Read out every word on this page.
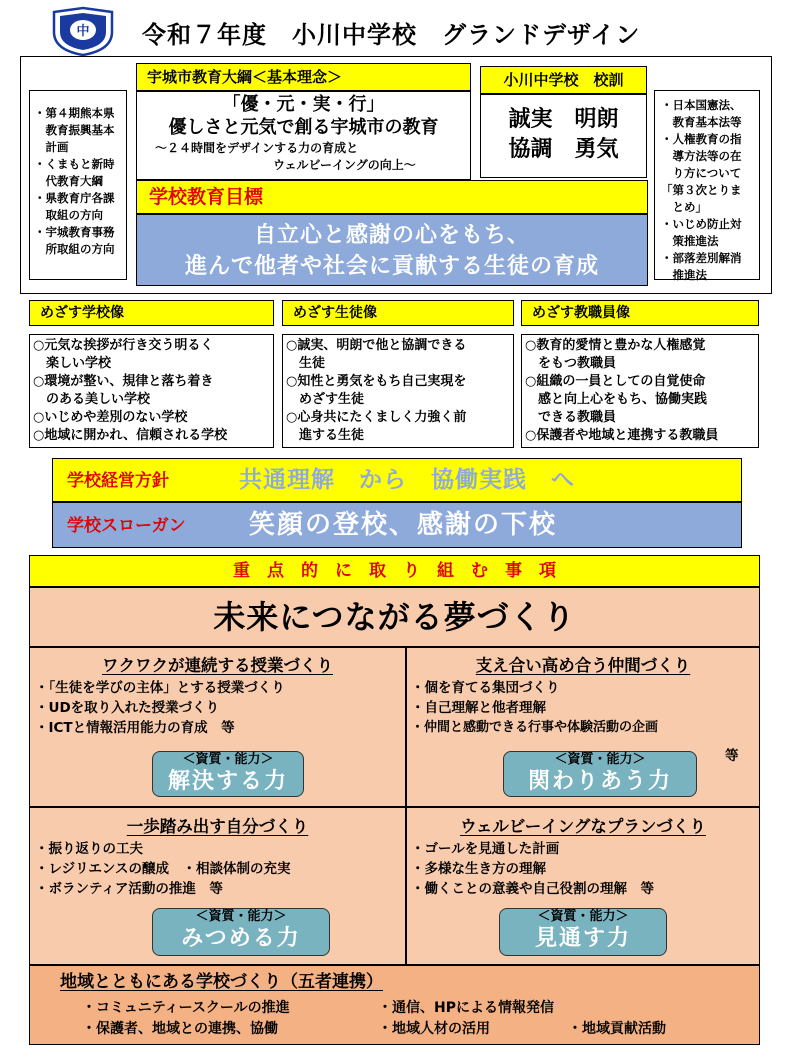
中 令和７年度　小川中学校　グランドデザイン
・第４期熊本県
　教育振興基本
　計画
・くまもと新時
　代教育大綱
・県教育庁各課
　取組の方向
・宇城教育事務
　所取組の方向
・日本国憲法、
　教育基本法等
・人権教育の指
　導方法等の在
　り方について
「第３次とりま
　とめ」
・いじめ防止対
　策推進法
・部落差別解消
　推進法
宇城市教育大綱＜基本理念＞
「優・元・実・行」
優しさと元気で創る宇城市の教育
～２４時間をデザインする力の育成と
ウェルビーイングの向上～
小川中学校　校訓
誠実　明朗
協調　勇気
学校教育目標
自立心と感謝の心をもち、
進んで他者や社会に貢献する生徒の育成
めざす学校像
○元気な挨拶が行き交う明るく
　楽しい学校
○環境が整い、規律と落ち着き
　のある美しい学校
○いじめや差別のない学校
○地域に開かれ、信頼される学校
めざす生徒像
○誠実、明朗で他と協調できる
　生徒
○知性と勇気をもち自己実現を
　めざす生徒
○心身共にたくましく力強く前
　進する生徒
めざす教職員像
○教育的愛情と豊かな人権感覚
　をもつ教職員
○組織の一員としての自覚使命
　感と向上心をもち、協働実践
　できる教職員
○保護者や地域と連携する教職員
学校経営方針	共通理解　から　協働実践　へ
学校スローガン 笑顔の登校、感謝の下校
重　点　的　に　取　り　組　む　事　項
未来につながる夢づくり
ワクワクが連続する授業づくり
・「生徒を学びの主体」とする授業づくり
・UDを取り入れた授業づくり
・ICTと情報活用能力の育成　等
＜資質・能力＞
解決する力
支え合い高め合う仲間づくり
・個を育てる集団づくり
・自己理解と他者理解
・仲間と感動できる行事や体験活動の企画
等
＜資質・能力＞
関わりあう力
一歩踏み出す自分づくり
・振り返りの工夫
・レジリエンスの醸成　・相談体制の充実
・ボランティア活動の推進　等
＜資質・能力＞
みつめる力
ウェルビーイングなプランづくり
・ゴールを見通した計画
・多様な生き方の理解
・働くことの意義や自己役割の理解　等
＜資質・能力＞
見通す力
地域とともにある学校づくり（五者連携）
・コミュニティースクールの推進	・通信、HPによる情報発信
・保護者、地域との連携、協働	・地域人材の活用	・地域貢献活動
